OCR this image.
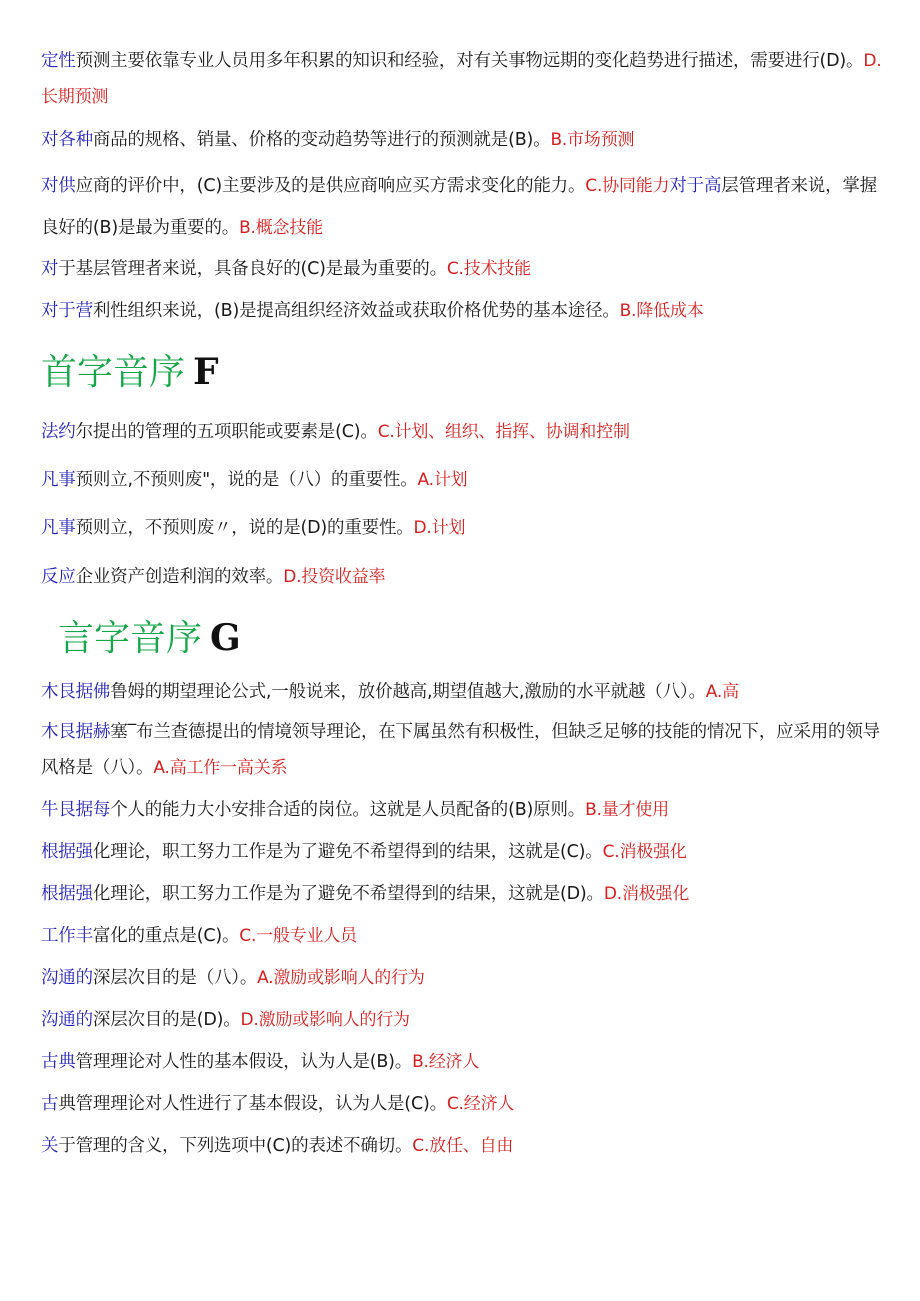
定性预测主要依靠专业人员用多年积累的知识和经验，对有关事物远期的变化趋势进行描述，需要进行(D)。D.长期预测
对各种商品的规格、销量、价格的变动趋势等进行的预测就是(B)。B.市场预测
对供应商的评价中，(C)主要涉及的是供应商响应买方需求变化的能力。C.协同能力对于高层管理者来说，掌握良好的(B)是最为重要的。B.概念技能
对于基层管理者来说，具备良好的(C)是最为重要的。C.技术技能
对于营利性组织来说，(B)是提高组织经济效益或获取价格优势的基本途径。B.降低成本
首字音序 F
法约尔提出的管理的五项职能或要素是(C)。C.计划、组织、指挥、协调和控制
凡事预则立,不预则废"，说的是（八）的重要性。A.计划
凡事预则立，不预则废〃，说的是(D)的重要性。D.计划
反应企业资产创造利润的效率。D.投资收益率
言字音序 G
木艮据佛鲁姆的期望理论公式,一般说来，放价越高,期望值越大,激励的水平就越（八）。A.高
木艮据赫塞‾布兰查德提出的情境领导理论，在下属虽然有积极性，但缺乏足够的技能的情况下，应采用的领导风格是（八）。A.高工作一高关系
牛艮据每个人的能力大小安排合适的岗位。这就是人员配备的(B)原则。B.量才使用
根据强化理论，职工努力工作是为了避免不希望得到的结果，这就是(C)。C.消极强化
根据强化理论，职工努力工作是为了避免不希望得到的结果，这就是(D)。D.消极强化
工作丰富化的重点是(C)。C.一般专业人员
沟通的深层次目的是（八）。A.激励或影响人的行为
沟通的深层次目的是(D)。D.激励或影响人的行为
古典管理理论对人性的基本假设，认为人是(B)。B.经济人
古典管理理论对人性进行了基本假设，认为人是(C)。C.经济人
关于管理的含义，下列选项中(C)的表述不确切。C.放任、自由
